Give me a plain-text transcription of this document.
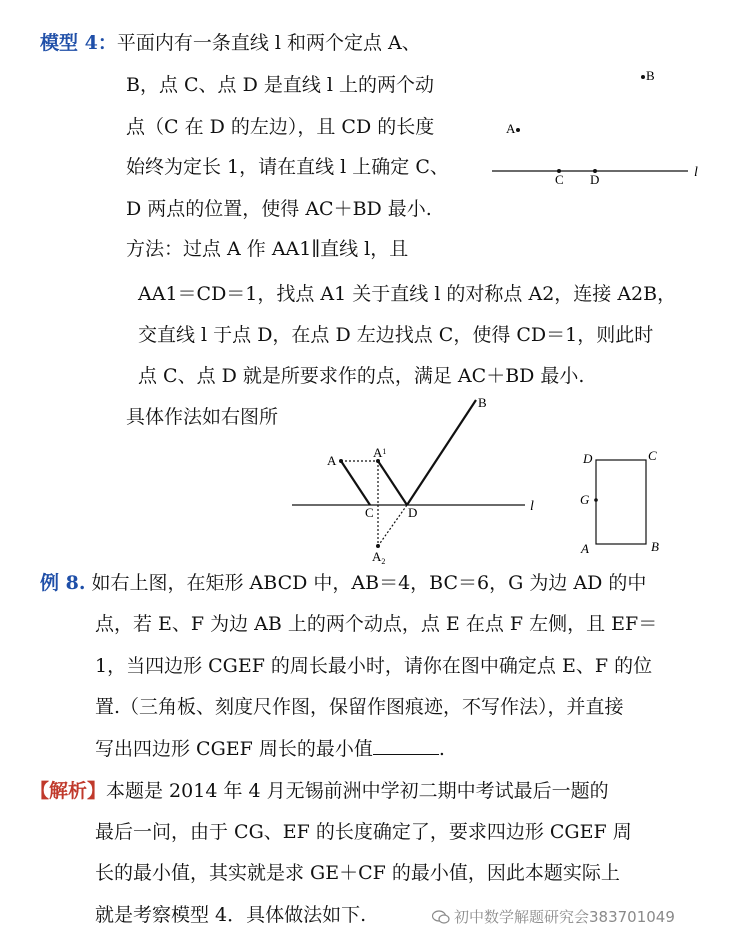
模型 4：平面内有一条直线 l 和两个定点 A、
B，点 C、点 D 是直线 l 上的两个动
点（C 在 D 的左边），且 CD 的长度
始终为定长 1，请在直线 l 上确定 C、
D 两点的位置，使得 AC＋BD 最小.
方法：过点 A 作 AA1∥直线 l，且
AA1＝CD＝1，找点 A1 关于直线 l 的对称点 A2，连接 A2B，
交直线 l 于点 D，在点 D 左边找点 C，使得 CD＝1，则此时
点 C、点 D 就是所要求作的点，满足 AC＋BD 最小.
具体作法如右图所
B
A
C D	l
B
A
$A^1$
C	D
$A_2$
l
D	C
G
A	B
例 8. 如右上图，在矩形 ABCD 中，AB＝4，BC＝6，G 为边 AD 的中
点，若 E、F 为边 AB 上的两个动点，点 E 在点 F 左侧，且 EF＝
1，当四边形 CGEF 的周长最小时，请你在图中确定点 E、F 的位
置.（三角板、刻度尺作图，保留作图痕迹，不写作法），并直接
写出四边形 CGEF 周长的最小值	.
【解析】本题是 2014 年 4 月无锡前洲中学初二期中考试最后一题的
最后一问，由于 CG、EF 的长度确定了，要求四边形 CGEF 周
长的最小值，其实就是求 GE＋CF 的最小值，因此本题实际上
就是考察模型 4．具体做法如下.	初中数学解题研究会383701049
